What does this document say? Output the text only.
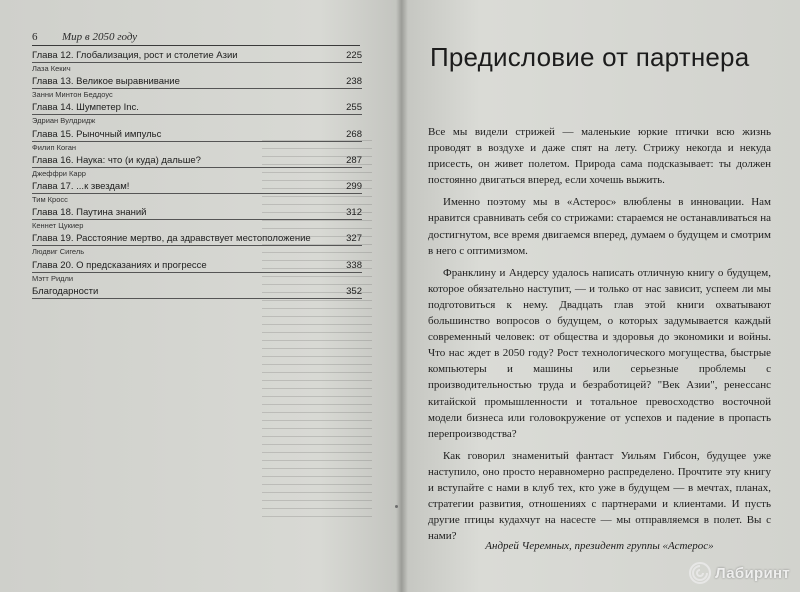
6 Мир в 2050 году
Глава 12. Глобализация, рост и столетие Азии	225
Лаза Кекич
Глава 13. Великое выравнивание	238
Занни Минтон Беддоус
Глава 14. Шумпетер Inc.	255
Эдриан Вулдридж
Глава 15. Рыночный импульс	268
Филип Коган
Глава 16. Наука: что (и куда) дальше?	287
Джеффри Карр
Глава 17. ...к звездам!	299
Тим Кросс
Глава 18. Паутина знаний	312
Кеннет Цукиер
Глава 19. Расстояние мертво, да здравствует местоположение	327
Людвиг Сигель
Глава 20. О предсказаниях и прогрессе	338
Мэтт Ридли
Благодарности	352
Предисловие от партнера

Все мы видели стрижей — маленькие юркие птички всю жизнь проводят в воздухе и даже спят на лету. Стрижу некогда и некуда присесть, он живет полетом. Природа сама подсказывает: ты должен постоянно двигаться вперед, если хочешь выжить.

Именно поэтому мы в «Астерос» влюблены в инновации. Нам нравится сравнивать себя со стрижами: стараемся не останавливаться на достигнутом, все время двигаемся вперед, думаем о будущем и смотрим в него с оптимизмом.

Франклину и Андерсу удалось написать отличную книгу о будущем, которое обязательно наступит, — и только от нас зависит, успеем ли мы подготовиться к нему. Двадцать глав этой книги охватывают большинство вопросов о будущем, о которых задумывается каждый современный человек: от общества и здоровья до экономики и войны. Что нас ждет в 2050 году? Рост технологического могущества, быстрые компьютеры и машины или серьезные проблемы с производительностью труда и безработицей? "Век Азии", ренессанс китайской промышленности и тотальное превосходство восточной модели бизнеса или головокружение от успехов и падение в пропасть перепроизводства?

Как говорил знаменитый фантаст Уильям Гибсон, будущее уже наступило, оно просто неравномерно распределено. Прочтите эту книгу и вступайте с нами в клуб тех, кто уже в будущем — в мечтах, планах, стратегии развития, отношениях с партнерами и клиентами. И пусть другие птицы кудахчут на насесте — мы отправляемся в полет. Вы с нами?

Андрей Черемных, президент группы «Астерос»
Лабиринт
